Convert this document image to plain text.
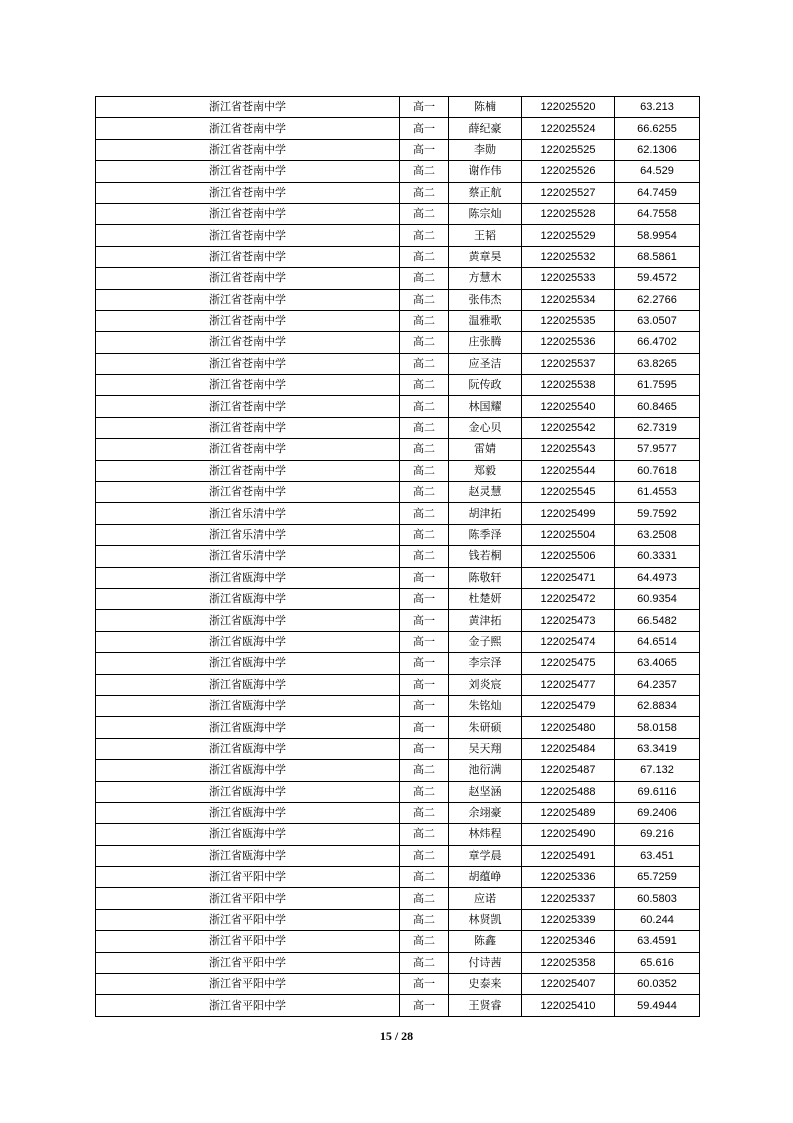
浙江省苍南中学	高一	陈楠	122025520	63.213
浙江省苍南中学	高一	薛纪豪	122025524	66.6255
浙江省苍南中学	高一	李勋	122025525	62.1306
浙江省苍南中学	高二	谢作伟	122025526	64.529
浙江省苍南中学	高二	蔡正航	122025527	64.7459
浙江省苍南中学	高二	陈宗灿	122025528	64.7558
浙江省苍南中学	高二	王韬	122025529	58.9954
浙江省苍南中学	高二	黄章昊	122025532	68.5861
浙江省苍南中学	高二	方慧木	122025533	59.4572
浙江省苍南中学	高二	张伟杰	122025534	62.2766
浙江省苍南中学	高二	温雅歌	122025535	63.0507
浙江省苍南中学	高二	庄张腾	122025536	66.4702
浙江省苍南中学	高二	应圣洁	122025537	63.8265
浙江省苍南中学	高二	阮传政	122025538	61.7595
浙江省苍南中学	高二	林国耀	122025540	60.8465
浙江省苍南中学	高二	金心贝	122025542	62.7319
浙江省苍南中学	高二	雷婧	122025543	57.9577
浙江省苍南中学	高二	郑毅	122025544	60.7618
浙江省苍南中学	高二	赵灵慧	122025545	61.4553
浙江省乐清中学	高二	胡津拓	122025499	59.7592
浙江省乐清中学	高二	陈季泽	122025504	63.2508
浙江省乐清中学	高二	钱若桐	122025506	60.3331
浙江省瓯海中学	高一	陈敬轩	122025471	64.4973
浙江省瓯海中学	高一	杜楚妍	122025472	60.9354
浙江省瓯海中学	高一	黄津拓	122025473	66.5482
浙江省瓯海中学	高一	金子熙	122025474	64.6514
浙江省瓯海中学	高一	李宗泽	122025475	63.4065
浙江省瓯海中学	高一	刘炎宸	122025477	64.2357
浙江省瓯海中学	高一	朱铭灿	122025479	62.8834
浙江省瓯海中学	高一	朱研硕	122025480	58.0158
浙江省瓯海中学	高一	吴天翔	122025484	63.3419
浙江省瓯海中学	高二	池衍满	122025487	67.132
浙江省瓯海中学	高二	赵坚涵	122025488	69.6116
浙江省瓯海中学	高二	余翊豪	122025489	69.2406
浙江省瓯海中学	高二	林炜程	122025490	69.216
浙江省瓯海中学	高二	章学晨	122025491	63.451
浙江省平阳中学	高二	胡蕴峥	122025336	65.7259
浙江省平阳中学	高二	应诺	122025337	60.5803
浙江省平阳中学	高二	林贤凯	122025339	60.244
浙江省平阳中学	高二	陈鑫	122025346	63.4591
浙江省平阳中学	高二	付诗茜	122025358	65.616
浙江省平阳中学	高一	史泰来	122025407	60.0352
浙江省平阳中学	高一	王贤睿	122025410	59.4944
15 / 28
